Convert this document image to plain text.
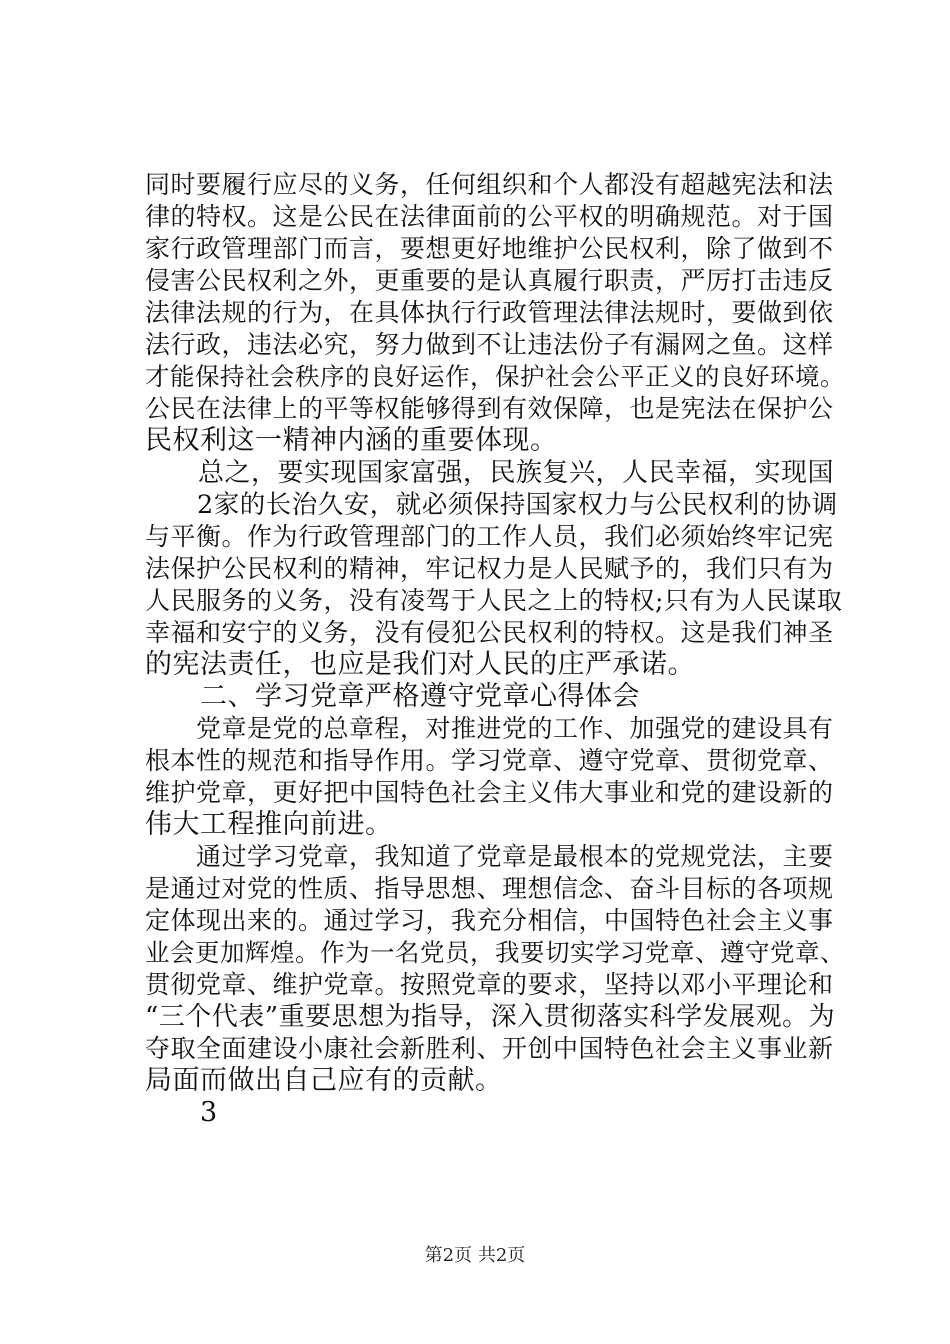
同时要履行应尽的义务，任何组织和个人都没有超越宪法和法
律的特权。这是公民在法律面前的公平权的明确规范。对于国
家行政管理部门而言，要想更好地维护公民权利，除了做到不
侵害公民权利之外，更重要的是认真履行职责，严厉打击违反
法律法规的行为，在具体执行行政管理法律法规时，要做到依
法行政，违法必究，努力做到不让违法份子有漏网之鱼。这样
才能保持社会秩序的良好运作，保护社会公平正义的良好环境。
公民在法律上的平等权能够得到有效保障，也是宪法在保护公
民权利这一精神内涵的重要体现。
　　总之，要实现国家富强，民族复兴，人民幸福，实现国
　　2家的长治久安，就必须保持国家权力与公民权利的协调
与平衡。作为行政管理部门的工作人员，我们必须始终牢记宪
法保护公民权利的精神，牢记权力是人民赋予的，我们只有为
人民服务的义务，没有凌驾于人民之上的特权;只有为人民谋取
幸福和安宁的义务，没有侵犯公民权利的特权。这是我们神圣
的宪法责任，也应是我们对人民的庄严承诺。
　　二、学习党章严格遵守党章心得体会
　　党章是党的总章程，对推进党的工作、加强党的建设具有
根本性的规范和指导作用。学习党章、遵守党章、贯彻党章、
维护党章，更好把中国特色社会主义伟大事业和党的建设新的
伟大工程推向前进。
　　通过学习党章，我知道了党章是最根本的党规党法，主要
是通过对党的性质、指导思想、理想信念、奋斗目标的各项规
定体现出来的。通过学习，我充分相信，中国特色社会主义事
业会更加辉煌。作为一名党员，我要切实学习党章、遵守党章、
贯彻党章、维护党章。按照党章的要求，坚持以邓小平理论和
“三个代表”重要思想为指导，深入贯彻落实科学发展观。为
夺取全面建设小康社会新胜利、开创中国特色社会主义事业新
局面而做出自己应有的贡献。
　　3
第2页 共2页
